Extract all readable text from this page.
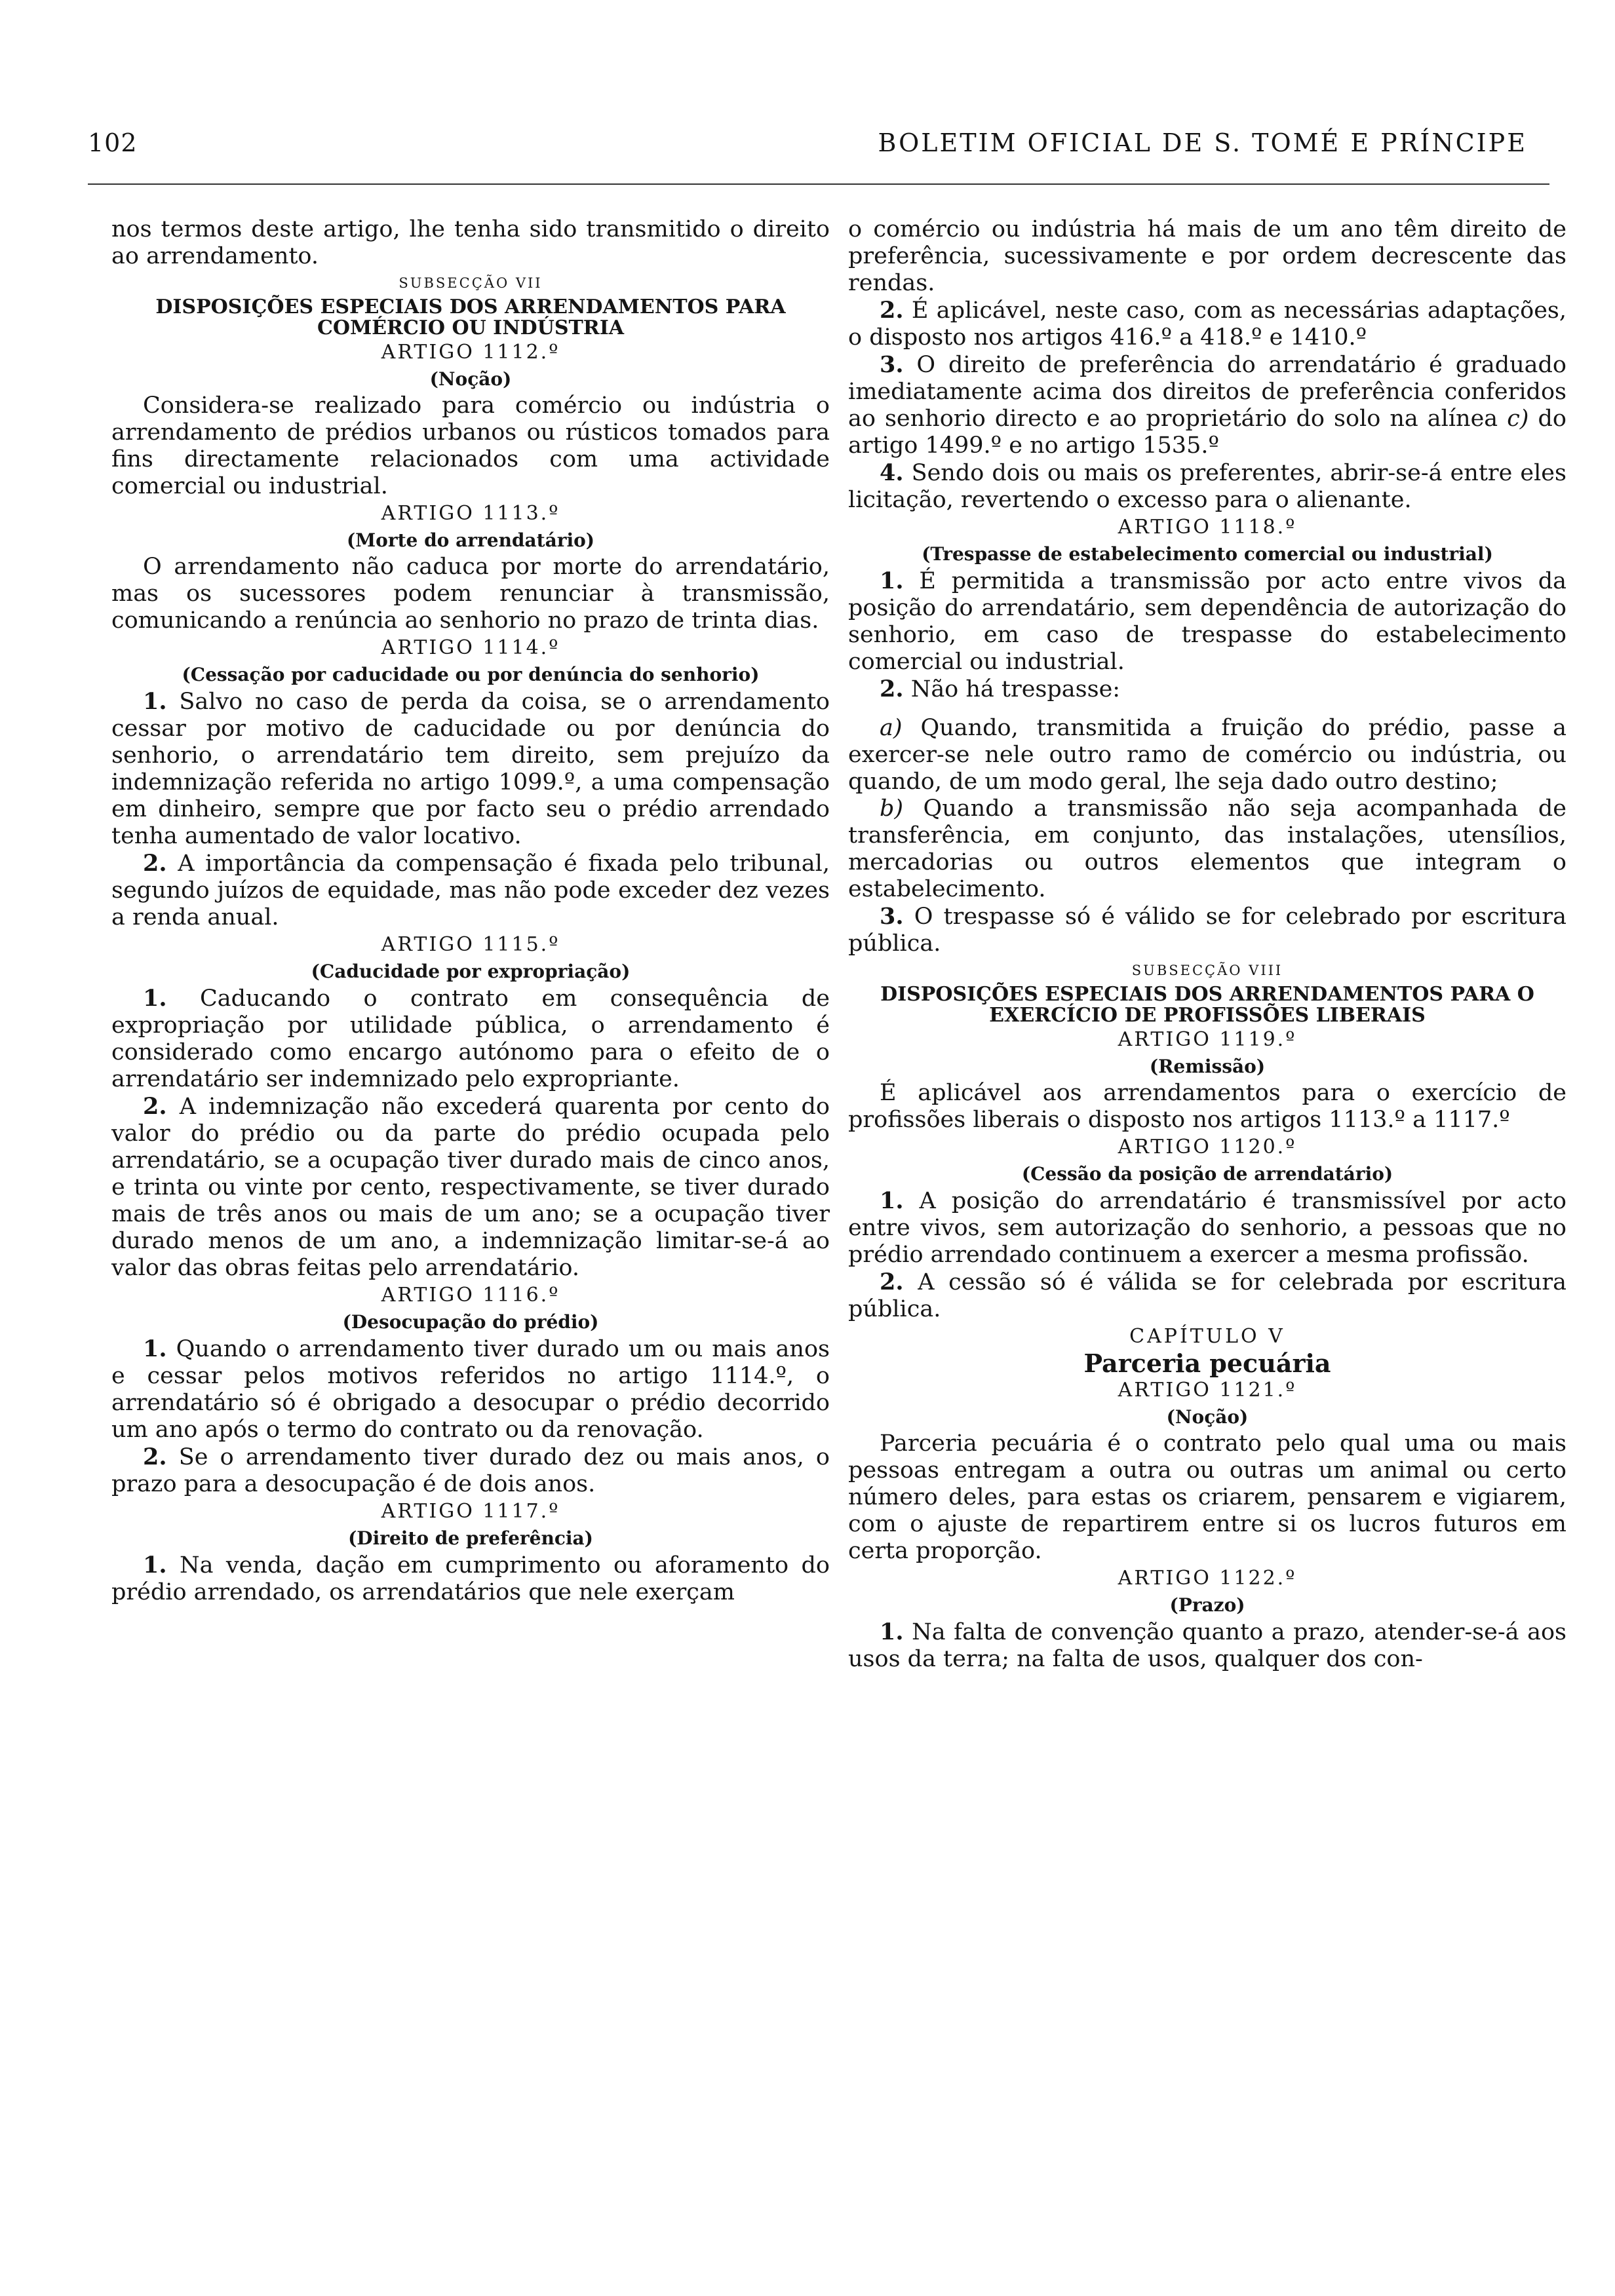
102	BOLETIM OFICIAL DE S. TOMÉ E PRÍNCIPE

nos termos deste artigo, lhe tenha sido transmitido o direito ao arrendamento.

SUBSECÇÃO VII

DISPOSIÇÕES ESPECIAIS DOS ARRENDAMENTOS PARA COMÉRCIO OU INDÚSTRIA

ARTIGO 1112.º

(Noção)

Considera-se realizado para comércio ou indústria o arrendamento de prédios urbanos ou rústicos tomados para fins directamente relacionados com uma actividade comercial ou industrial.

ARTIGO 1113.º

(Morte do arrendatário)

O arrendamento não caduca por morte do arrendatário, mas os sucessores podem renunciar à transmissão, comunicando a renúncia ao senhorio no prazo de trinta dias.

ARTIGO 1114.º

(Cessação por caducidade ou por denúncia do senhorio)

1. Salvo no caso de perda da coisa, se o arrendamento cessar por motivo de caducidade ou por denúncia do senhorio, o arrendatário tem direito, sem prejuízo da indemnização referida no artigo 1099.º, a uma compensação em dinheiro, sempre que por facto seu o prédio arrendado tenha aumentado de valor locativo.

2. A importância da compensação é fixada pelo tribunal, segundo juízos de equidade, mas não pode exceder dez vezes a renda anual.

ARTIGO 1115.º

(Caducidade por expropriação)

1. Caducando o contrato em consequência de expropriação por utilidade pública, o arrendamento é considerado como encargo autónomo para o efeito de o arrendatário ser indemnizado pelo expropriante.

2. A indemnização não excederá quarenta por cento do valor do prédio ou da parte do prédio ocupada pelo arrendatário, se a ocupação tiver durado mais de cinco anos, e trinta ou vinte por cento, respectivamente, se tiver durado mais de três anos ou mais de um ano; se a ocupação tiver durado menos de um ano, a indemnização limitar-se-á ao valor das obras feitas pelo arrendatário.

ARTIGO 1116.º

(Desocupação do prédio)

1. Quando o arrendamento tiver durado um ou mais anos e cessar pelos motivos referidos no artigo 1114.º, o arrendatário só é obrigado a desocupar o prédio decorrido um ano após o termo do contrato ou da renovação.

2. Se o arrendamento tiver durado dez ou mais anos, o prazo para a desocupação é de dois anos.

ARTIGO 1117.º

(Direito de preferência)

1. Na venda, dação em cumprimento ou aforamento do prédio arrendado, os arrendatários que nele exerçam

o comércio ou indústria há mais de um ano têm direito de preferência, sucessivamente e por ordem decrescente das rendas.

2. É aplicável, neste caso, com as necessárias adaptações, o disposto nos artigos 416.º a 418.º e 1410.º

3. O direito de preferência do arrendatário é graduado imediatamente acima dos direitos de preferência conferidos ao senhorio directo e ao proprietário do solo na alínea c) do artigo 1499.º e no artigo 1535.º

4. Sendo dois ou mais os preferentes, abrir-se-á entre eles licitação, revertendo o excesso para o alienante.

ARTIGO 1118.º

(Trespasse de estabelecimento comercial ou industrial)

1. É permitida a transmissão por acto entre vivos da posição do arrendatário, sem dependência de autorização do senhorio, em caso de trespasse do estabelecimento comercial ou industrial.

2. Não há trespasse:

a) Quando, transmitida a fruição do prédio, passe a exercer-se nele outro ramo de comércio ou indústria, ou quando, de um modo geral, lhe seja dado outro destino;

b) Quando a transmissão não seja acompanhada de transferência, em conjunto, das instalações, utensílios, mercadorias ou outros elementos que integram o estabelecimento.

3. O trespasse só é válido se for celebrado por escritura pública.

SUBSECÇÃO VIII

DISPOSIÇÕES ESPECIAIS DOS ARRENDAMENTOS PARA O EXERCÍCIO DE PROFISSÕES LIBERAIS

ARTIGO 1119.º

(Remissão)

É aplicável aos arrendamentos para o exercício de profissões liberais o disposto nos artigos 1113.º a 1117.º

ARTIGO 1120.º

(Cessão da posição de arrendatário)

1. A posição do arrendatário é transmissível por acto entre vivos, sem autorização do senhorio, a pessoas que no prédio arrendado continuem a exercer a mesma profissão.

2. A cessão só é válida se for celebrada por escritura pública.

CAPÍTULO V

Parceria pecuária

ARTIGO 1121.º

(Noção)

Parceria pecuária é o contrato pelo qual uma ou mais pessoas entregam a outra ou outras um animal ou certo número deles, para estas os criarem, pensarem e vigiarem, com o ajuste de repartirem entre si os lucros futuros em certa proporção.

ARTIGO 1122.º

(Prazo)

1. Na falta de convenção quanto a prazo, atender-se-á aos usos da terra; na falta de usos, qualquer dos con-
